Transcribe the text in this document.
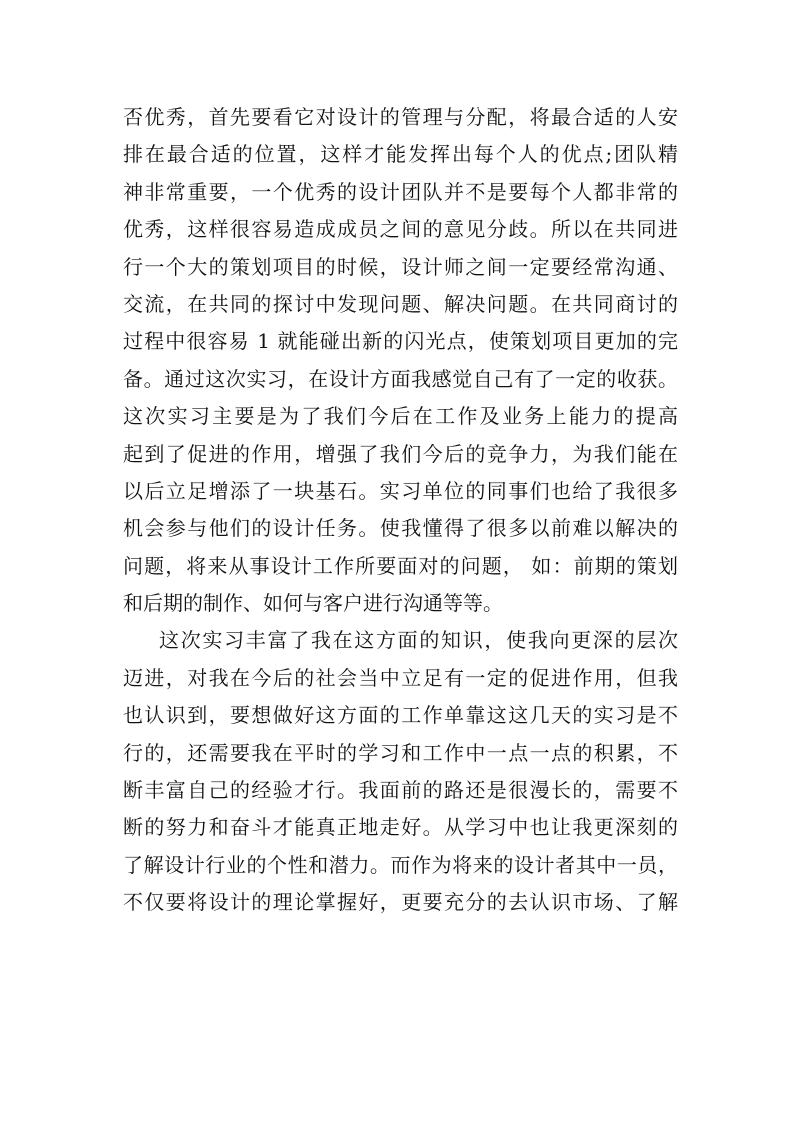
否优秀，首先要看它对设计的管理与分配，将最合适的人安
排在最合适的位置，这样才能发挥出每个人的优点;团队精
神非常重要，一个优秀的设计团队并不是要每个人都非常的
优秀，这样很容易造成成员之间的意见分歧。所以在共同进
行一个大的策划项目的时候，设计师之间一定要经常沟通、
交流，在共同的探讨中发现问题、解决问题。在共同商讨的
过程中很容易 1 就能碰出新的闪光点，使策划项目更加的完
备。通过这次实习，在设计方面我感觉自己有了一定的收获。
这次实习主要是为了我们今后在工作及业务上能力的提高
起到了促进的作用，增强了我们今后的竞争力，为我们能在
以后立足增添了一块基石。实习单位的同事们也给了我很多
机会参与他们的设计任务。使我懂得了很多以前难以解决的
问题，将来从事设计工作所要面对的问题， 如：前期的策划
和后期的制作、如何与客户进行沟通等等。
这次实习丰富了我在这方面的知识，使我向更深的层次
迈进，对我在今后的社会当中立足有一定的促进作用，但我
也认识到，要想做好这方面的工作单靠这这几天的实习是不
行的，还需要我在平时的学习和工作中一点一点的积累，不
断丰富自己的经验才行。我面前的路还是很漫长的，需要不
断的努力和奋斗才能真正地走好。从学习中也让我更深刻的
了解设计行业的个性和潜力。而作为将来的设计者其中一员，
不仅要将设计的理论掌握好，更要充分的去认识市场、了解
